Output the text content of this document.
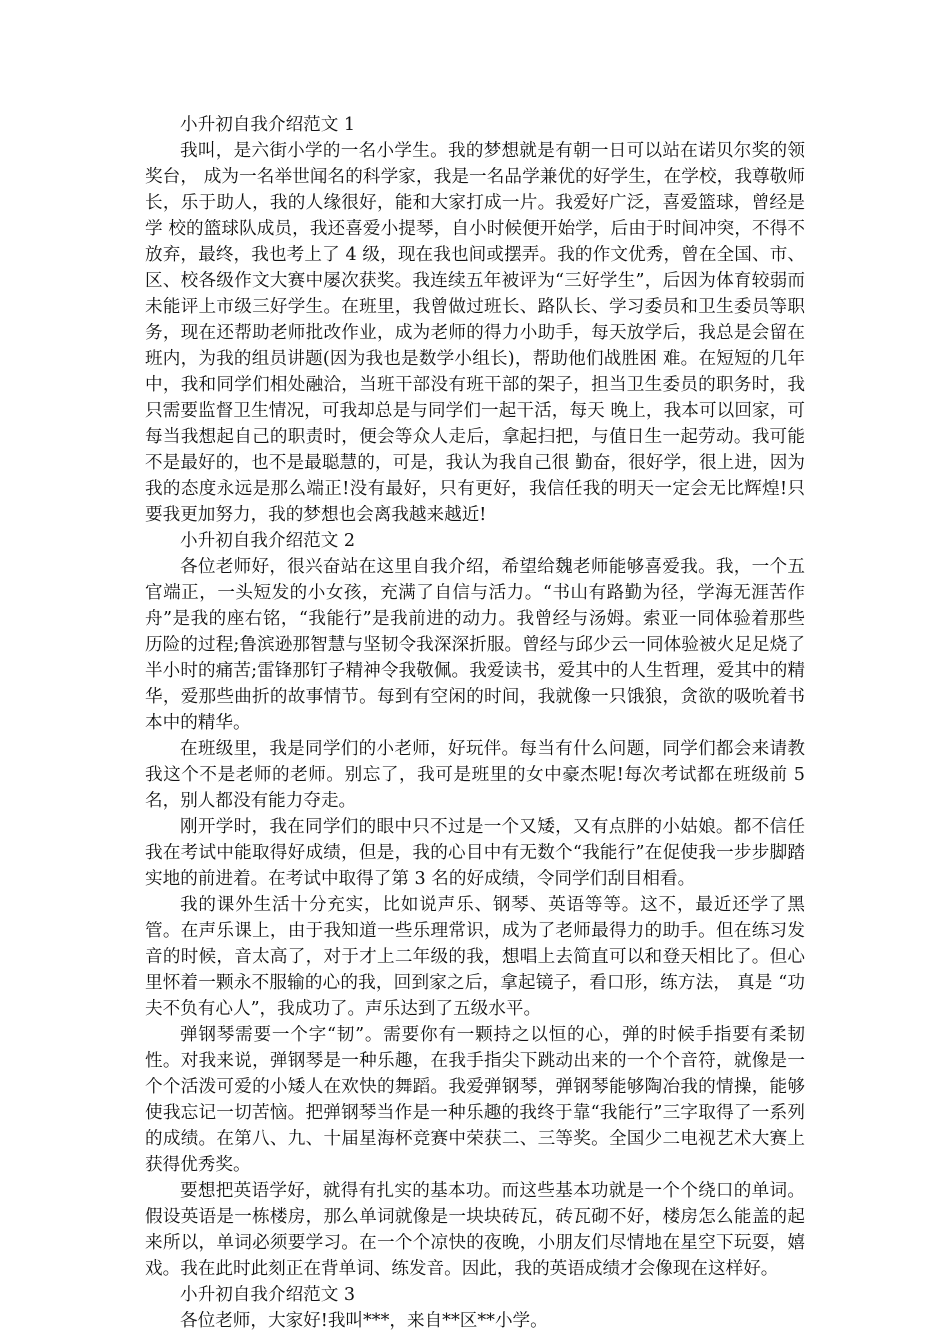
小升初自我介绍范文 1

我叫，是六街小学的一名小学生。我的梦想就是有朝一日可以站在诺贝尔奖的领奖台， 成为一名举世闻名的科学家，我是一名品学兼优的好学生，在学校，我尊敬师长，乐于助人，我的人缘很好，能和大家打成一片。我爱好广泛，喜爱篮球，曾经是学 校的篮球队成员，我还喜爱小提琴，自小时候便开始学，后由于时间冲突，不得不放弃，最终，我也考上了 4 级，现在我也间或摆弄。我的作文优秀，曾在全国、市、区、校各级作文大赛中屡次获奖。我连续五年被评为“三好学生”，后因为体育较弱而未能评上市级三好学生。在班里，我曾做过班长、路队长、学习委员和卫生委员等职务，现在还帮助老师批改作业，成为老师的得力小助手，每天放学后，我总是会留在班内，为我的组员讲题(因为我也是数学小组长)，帮助他们战胜困 难。在短短的几年中，我和同学们相处融洽，当班干部没有班干部的架子，担当卫生委员的职务时，我只需要监督卫生情况，可我却总是与同学们一起干活，每天 晚上，我本可以回家，可每当我想起自己的职责时，便会等众人走后，拿起扫把，与值日生一起劳动。我可能不是最好的，也不是最聪慧的，可是，我认为我自己很 勤奋，很好学，很上进，因为我的态度永远是那么端正!没有最好，只有更好，我信任我的明天一定会无比辉煌!只要我更加努力，我的梦想也会离我越来越近!

小升初自我介绍范文 2

各位老师好，很兴奋站在这里自我介绍，希望给魏老师能够喜爱我。我，一个五官端正，一头短发的小女孩，充满了自信与活力。“书山有路勤为径，学海无涯苦作舟”是我的座右铭，“我能行”是我前进的动力。我曾经与汤姆。索亚一同体验着那些历险的过程;鲁滨逊那智慧与坚韧令我深深折服。曾经与邱少云一同体验被火足足烧了半小时的痛苦;雷锋那钉子精神令我敬佩。我爱读书，爱其中的人生哲理，爱其中的精华，爱那些曲折的故事情节。每到有空闲的时间，我就像一只饿狼，贪欲的吸吮着书本中的精华。

在班级里，我是同学们的小老师，好玩伴。每当有什么问题，同学们都会来请教我这个不是老师的老师。别忘了，我可是班里的女中豪杰呢!每次考试都在班级前 5 名，别人都没有能力夺走。

刚开学时，我在同学们的眼中只不过是一个又矮，又有点胖的小姑娘。都不信任我在考试中能取得好成绩，但是，我的心目中有无数个“我能行”在促使我一步步脚踏实地的前进着。在考试中取得了第 3 名的好成绩，令同学们刮目相看。

我的课外生活十分充实，比如说声乐、钢琴、英语等等。这不，最近还学了黑管。在声乐课上，由于我知道一些乐理常识，成为了老师最得力的助手。但在练习发音的时候，音太高了，对于才上二年级的我，想唱上去简直可以和登天相比了。但心里怀着一颗永不服输的心的我，回到家之后，拿起镜子，看口形，练方法， 真是 “功夫不负有心人”，我成功了。声乐达到了五级水平。

弹钢琴需要一个字“韧”。需要你有一颗持之以恒的心，弹的时候手指要有柔韧性。对我来说，弹钢琴是一种乐趣，在我手指尖下跳动出来的一个个音符，就像是一个个活泼可爱的小矮人在欢快的舞蹈。我爱弹钢琴，弹钢琴能够陶冶我的情操，能够使我忘记一切苦恼。把弹钢琴当作是一种乐趣的我终于靠“我能行”三字取得了一系列的成绩。在第八、九、十届星海杯竞赛中荣获二、三等奖。全国少二电视艺术大赛上获得优秀奖。

要想把英语学好，就得有扎实的基本功。而这些基本功就是一个个绕口的单词。假设英语是一栋楼房，那么单词就像是一块块砖瓦，砖瓦砌不好，楼房怎么能盖的起来所以，单词必须要学习。在一个个凉快的夜晚，小朋友们尽情地在星空下玩耍，嬉戏。我在此时此刻正在背单词、练发音。因此，我的英语成绩才会像现在这样好。

小升初自我介绍范文 3

各位老师，大家好!我叫***，来自**区**小学。
